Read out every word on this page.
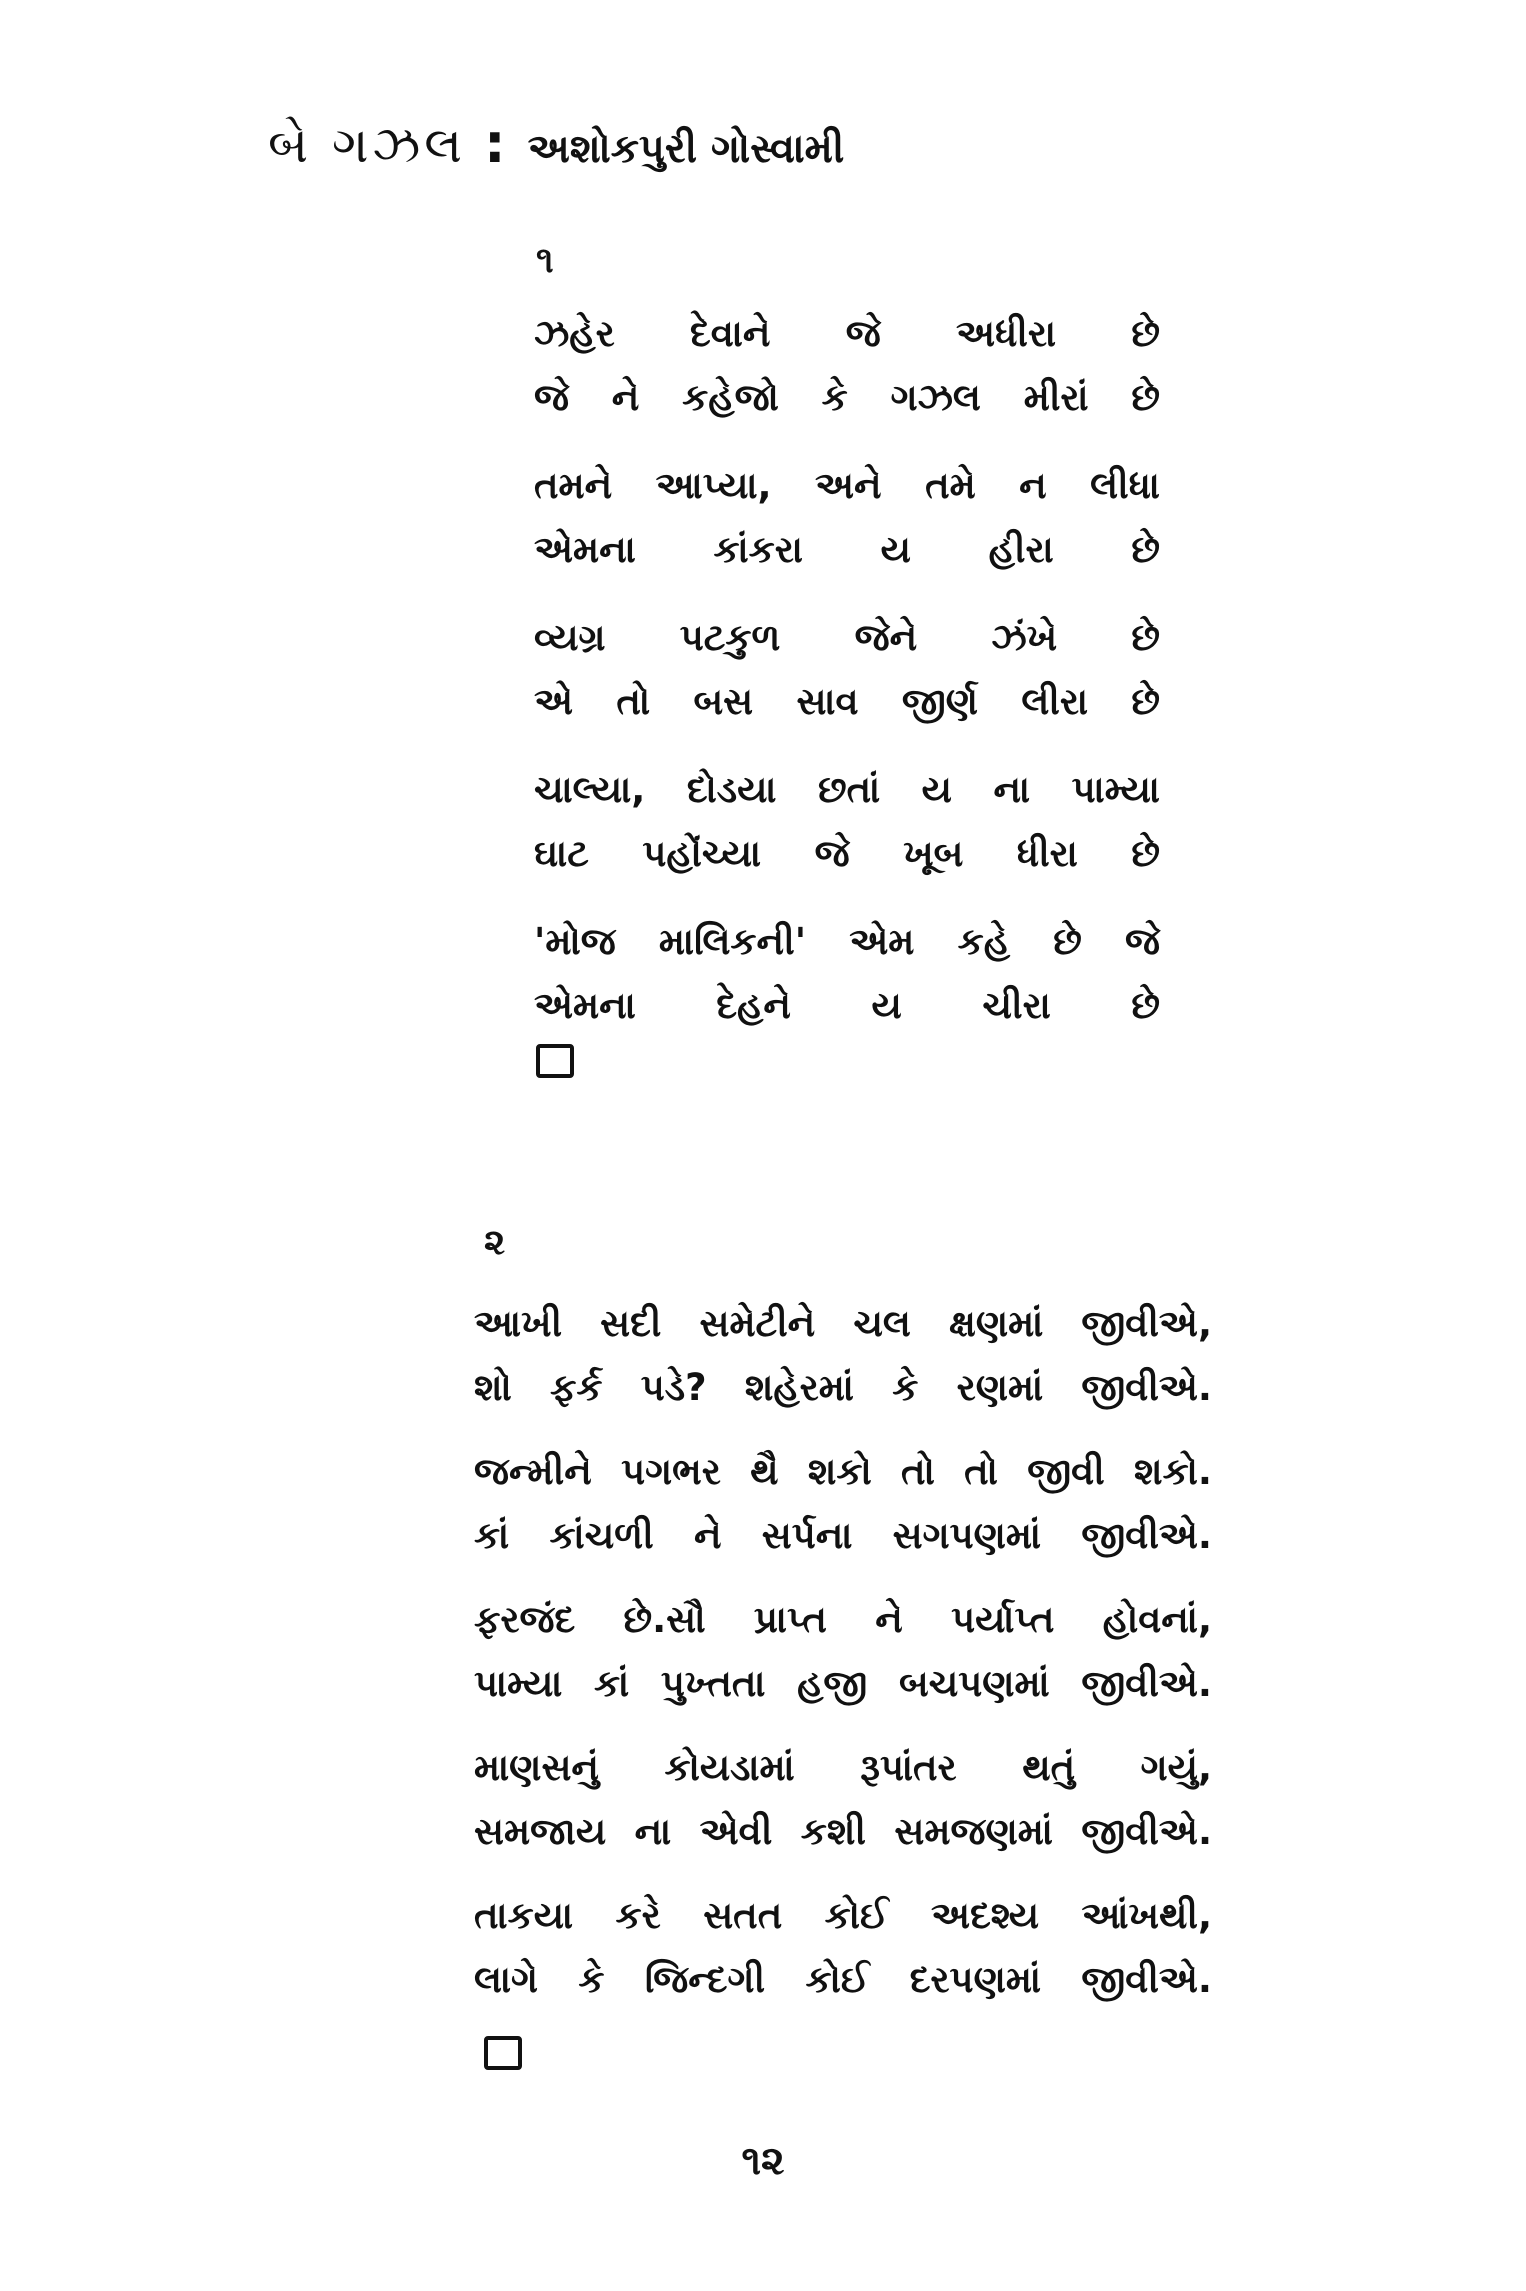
બે ગઝલ : અશોકપુરી ગોસ્વામી
૧
ઝહેર દેવાને જે અધીરા છે
જે ને કહેજો કે ગઝલ મીરાં છે
તમને આપ્યા, અને તમે ન લીધા
એમના કાંકરા ય હીરા છે
વ્યગ્ર પટકુળ જેને ઝંખે છે
એ તો બસ સાવ જીર્ણ લીરા છે
ચાલ્યા, દોડયા છતાં ય ના પામ્યા
ઘાટ પહોંચ્યા જે ખૂબ ધીરા છે
'મોજ માલિકની' એમ કહે છે જે
એમના દેહને ય ચીરા છે
૨
આખી સદી સમેટીને ચલ ક્ષણમાં જીવીએ,
શો ફર્ક પડે? શહેરમાં કે રણમાં જીવીએ.
જન્મીને પગભર થૈ શકો તો તો જીવી શકો.
કાં કાંચળી ને સર્પના સગપણમાં જીવીએ.
ફરજંદ છે.સૌ પ્રાપ્ત ને પર્યાપ્ત હોવનાં,
પામ્યા કાં પુખ્તતા હજી બચપણમાં જીવીએ.
માણસનું કોયડામાં રૂપાંતર થતું ગયું,
સમજાય ના એવી કશી સમજણમાં જીવીએ.
તાકયા કરે સતત કોઈ અદશ્ય આંખથી,
લાગે કે જિન્દગી કોઈ દરપણમાં જીવીએ.
૧૨
